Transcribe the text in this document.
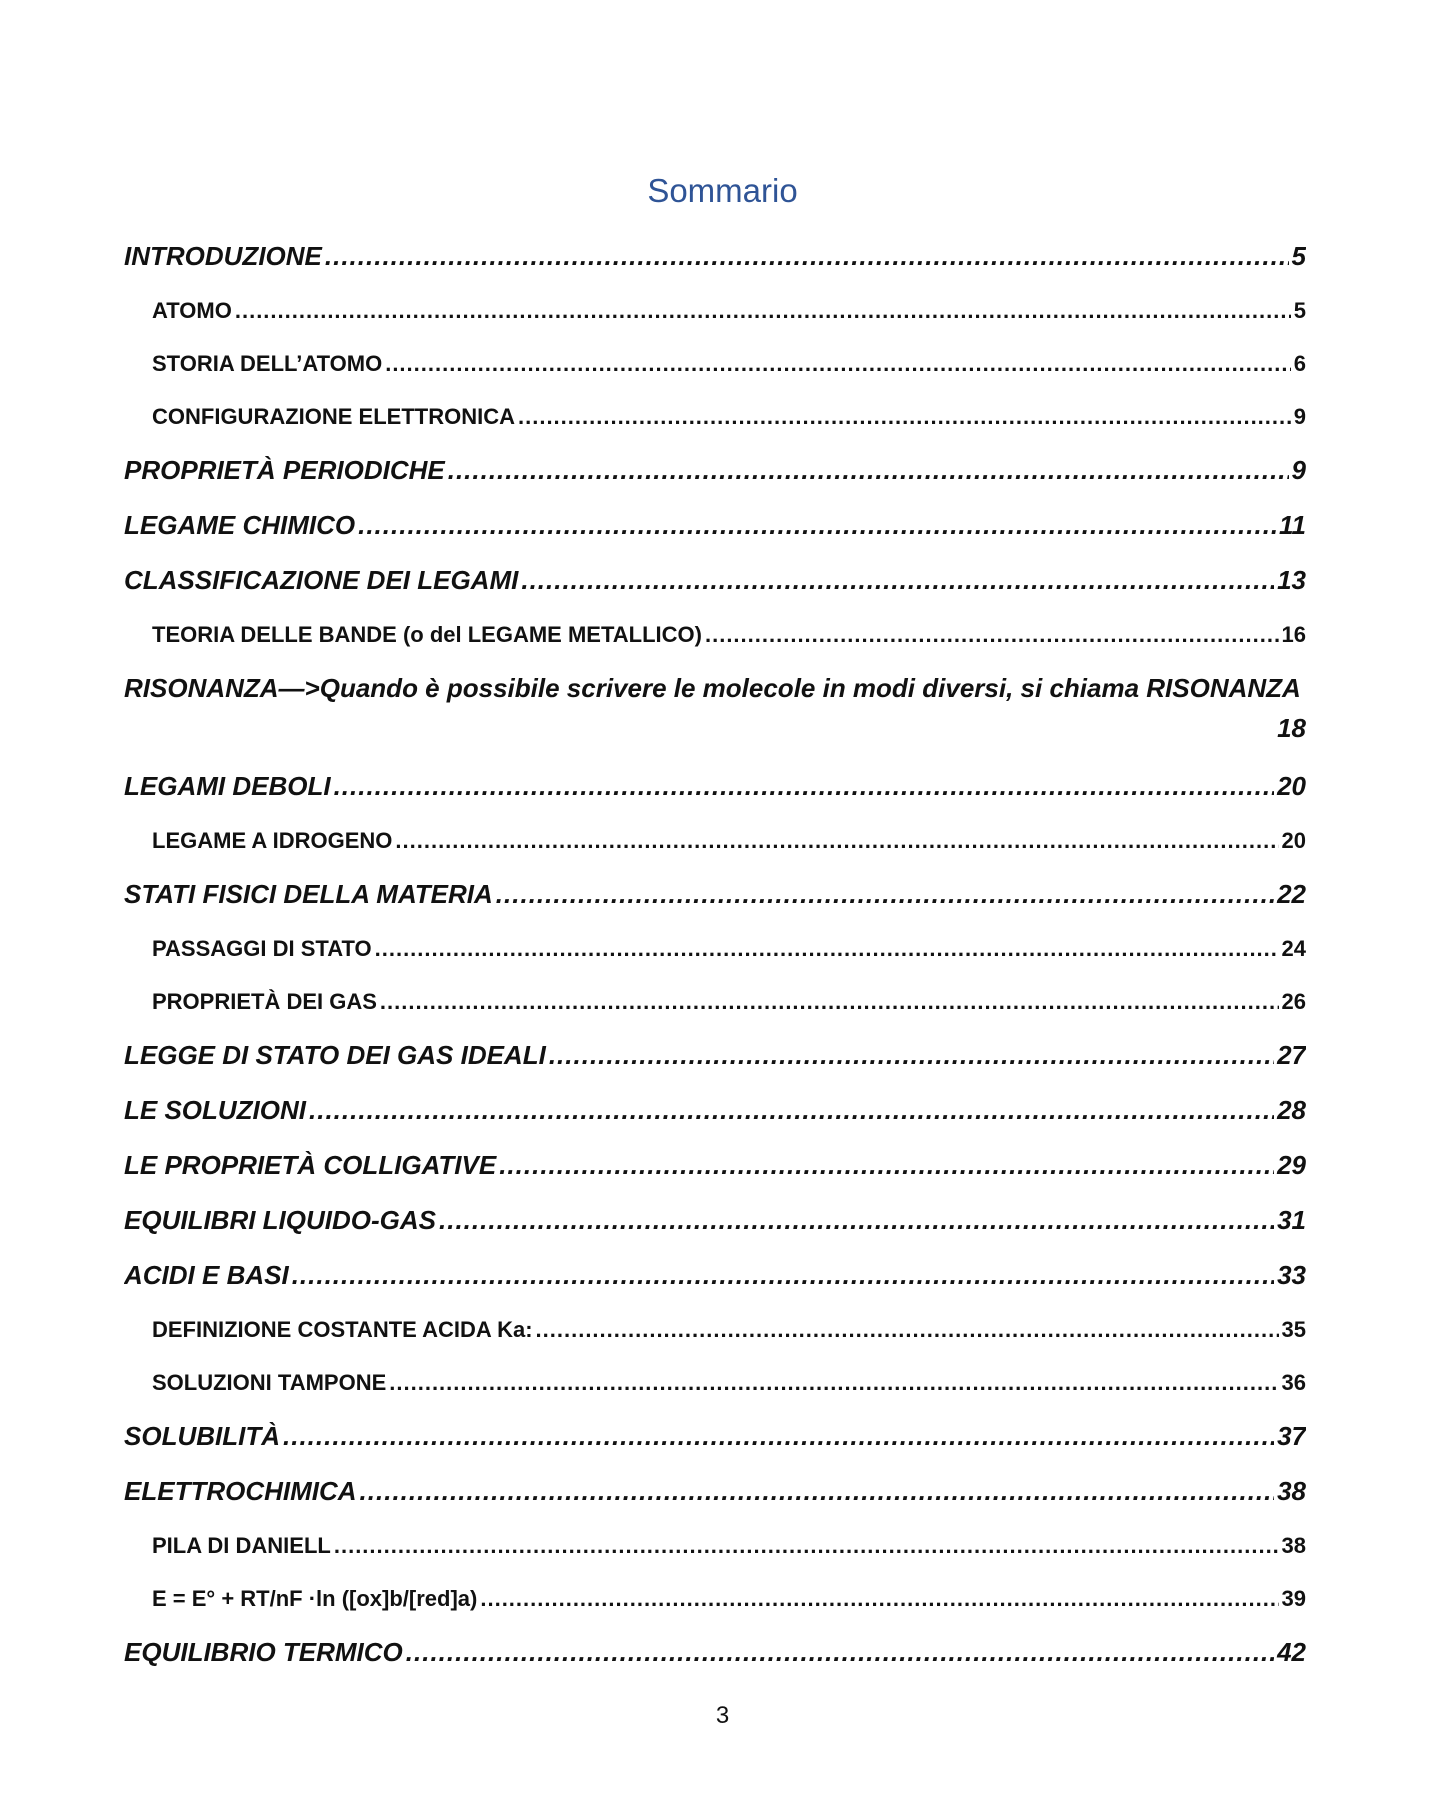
Sommario
INTRODUZIONE .....	5
ATOMO .....	5
STORIA DELL’ATOMO .....	6
CONFIGURAZIONE ELETTRONICA .....	9
PROPRIETÀ PERIODICHE .....	9
LEGAME CHIMICO .....	11
CLASSIFICAZIONE DEI LEGAMI .....	13
TEORIA DELLE BANDE (o del LEGAME METALLICO) .....	16
RISONANZA—>Quando è possibile scrivere le molecole in modi diversi, si chiama RISONANZA
18
LEGAMI DEBOLI .....	20
LEGAME A IDROGENO .....	20
STATI FISICI DELLA MATERIA .....	22
PASSAGGI DI STATO .....	24
PROPRIETÀ DEI GAS .....	26
LEGGE DI STATO DEI GAS IDEALI .....	27
LE SOLUZIONI .....	28
LE PROPRIETÀ COLLIGATIVE .....	29
EQUILIBRI LIQUIDO-GAS .....	31
ACIDI E BASI .....	33
DEFINIZIONE COSTANTE ACIDA Ka: .....	35
SOLUZIONI TAMPONE .....	36
SOLUBILITÀ .....	37
ELETTROCHIMICA .....	38
PILA DI DANIELL .....	38
E = E° + RT/nF ·ln ([ox]b/[red]a) .....	39
EQUILIBRIO TERMICO .....	42
3
